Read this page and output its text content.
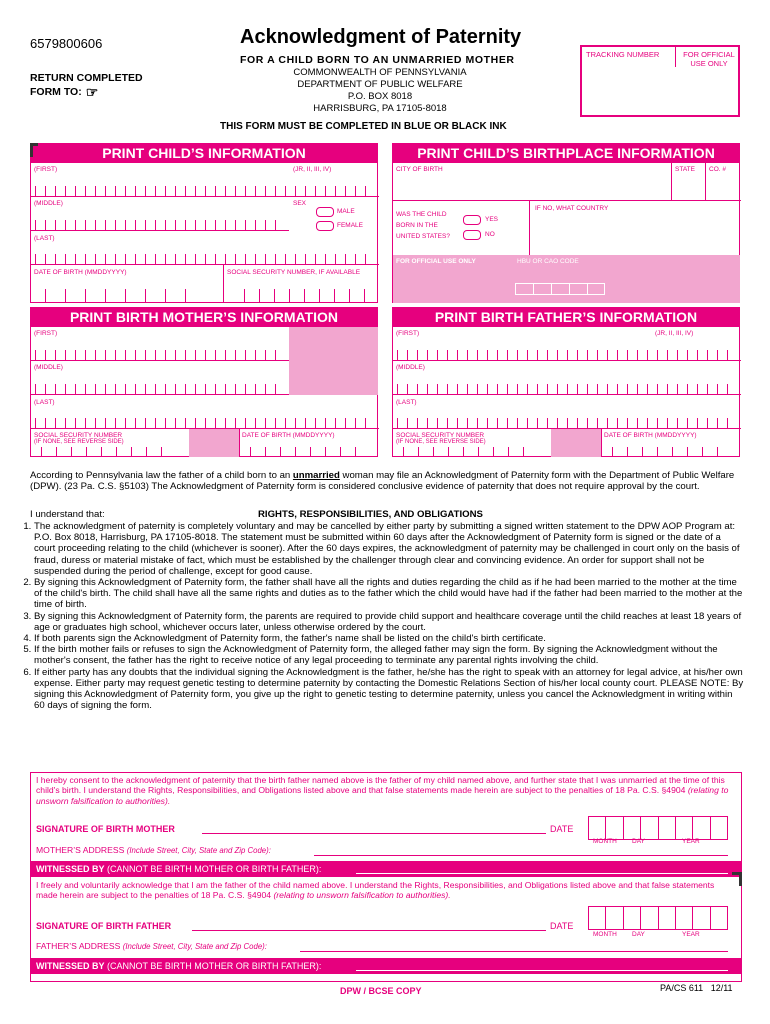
6579800606	Acknowledgment of Paternity
FOR A CHILD BORN TO AN UNMARRIED MOTHER
RETURN COMPLETED
FORM TO: ☞
COMMONWEALTH OF PENNSYLVANIA
DEPARTMENT OF PUBLIC WELFARE
P.O. BOX 8018
HARRISBURG, PA 17105-8018
THIS FORM MUST BE COMPLETED IN BLUE OR BLACK INK
TRACKING NUMBER	FOR OFFICIAL USE ONLY
PRINT CHILD’S INFORMATION
(FIRST)	(JR, II, III, IV)
(MIDDLE)	SEX
MALE
FEMALE
(LAST)
DATE OF BIRTH (MMDDYYYY)	SOCIAL SECURITY NUMBER, IF AVAILABLE
PRINT CHILD’S BIRTHPLACE INFORMATION
CITY OF BIRTH	STATE CO. #
WAS THE CHILD
BORN IN THE
UNITED STATES?
YES
NO
IF NO, WHAT COUNTRY
FOR OFFICIAL USE ONLY	HBU OR CAO CODE
PRINT BIRTH MOTHER’S INFORMATION
(FIRST)
(MIDDLE)
(LAST)
SOCIAL SECURITY NUMBER
(IF NONE, SEE REVERSE SIDE)
DATE OF BIRTH (MMDDYYYY)
PRINT BIRTH FATHER’S INFORMATION
(FIRST)	(JR, II, III, IV)
(MIDDLE)
(LAST)
SOCIAL SECURITY NUMBER
(IF NONE, SEE REVERSE SIDE)
DATE OF BIRTH (MMDDYYYY)
According to Pennsylvania law the father of a child born to an unmarried woman may file an Acknowledgment of Paternity form with the Department of Public Welfare (DPW). (23 Pa. C.S. §5103) The Acknowledgment of Paternity form is considered conclusive evidence of paternity that does not require approval by the court.
I understand that:	RIGHTS, RESPONSIBILITIES, AND OBLIGATIONS
1. The acknowledgment of paternity is completely voluntary and may be cancelled by either party by submitting a signed written statement to the DPW AOP Program at: P.O. Box 8018, Harrisburg, PA 17105-8018. The statement must be submitted within 60 days after the Acknowledgment of Paternity form is signed or the date of a court proceeding relating to the child (whichever is sooner). After the 60 days expires, the acknowledgment of paternity may be challenged in court only on the basis of fraud, duress or material mistake of fact, which must be established by the challenger through clear and convincing evidence. An order for support shall not be suspended during the period of challenge, except for good cause.
2. By signing this Acknowledgment of Paternity form, the father shall have all the rights and duties regarding the child as if he had been married to the mother at the time of the child's birth. The child shall have all the same rights and duties as to the father which the child would have had if the father had been married to the mother at the time of birth.
3. By signing this Acknowledgment of Paternity form, the parents are required to provide child support and healthcare coverage until the child reaches at least 18 years of age or graduates high school, whichever occurs later, unless otherwise ordered by the court.
4. If both parents sign the Acknowledgment of Paternity form, the father's name shall be listed on the child's birth certificate.
5. If the birth mother fails or refuses to sign the Acknowledgment of Paternity form, the alleged father may sign the form. By signing the Acknowledgment without the mother's consent, the father has the right to receive notice of any legal proceeding to terminate any parental rights involving the child.
6. If either party has any doubts that the individual signing the Acknowledgment is the father, he/she has the right to speak with an attorney for legal advice, at his/her own expense. Either party may request genetic testing to determine paternity by contacting the Domestic Relations Section of his/her local county court. PLEASE NOTE: By signing this Acknowledgment of Paternity form, you give up the right to genetic testing to determine paternity, unless you cancel the Acknowledgment in writing within 60 days of signing the form.
I hereby consent to the acknowledgment of paternity that the birth father named above is the father of my child named above, and further state that I was unmarried at the time of this child's birth. I understand the Rights, Responsibilities, and Obligations listed above and that false statements made herein are subject to the penalties of 18 Pa. C.S. §4904 (relating to unsworn falsification to authorities).
SIGNATURE OF BIRTH MOTHER	DATE
MONTH DAY	YEAR
MOTHER’S ADDRESS (Include Street, City, State and Zip Code):
WITNESSED BY (CANNOT BE BIRTH MOTHER OR BIRTH FATHER):
I freely and voluntarily acknowledge that I am the father of the child named above. I understand the Rights, Responsibilities, and Obligations listed above and that false statements made herein are subject to the penalties of 18 Pa. C.S. §4904 (relating to unsworn falsification to authorities).
SIGNATURE OF BIRTH FATHER	DATE
MONTH DAY	YEAR
FATHER’S ADDRESS (Include Street, City, State and Zip Code):
WITNESSED BY (CANNOT BE BIRTH MOTHER OR BIRTH FATHER):
DPW / BCSE COPY	PA/CS 611   12/11
